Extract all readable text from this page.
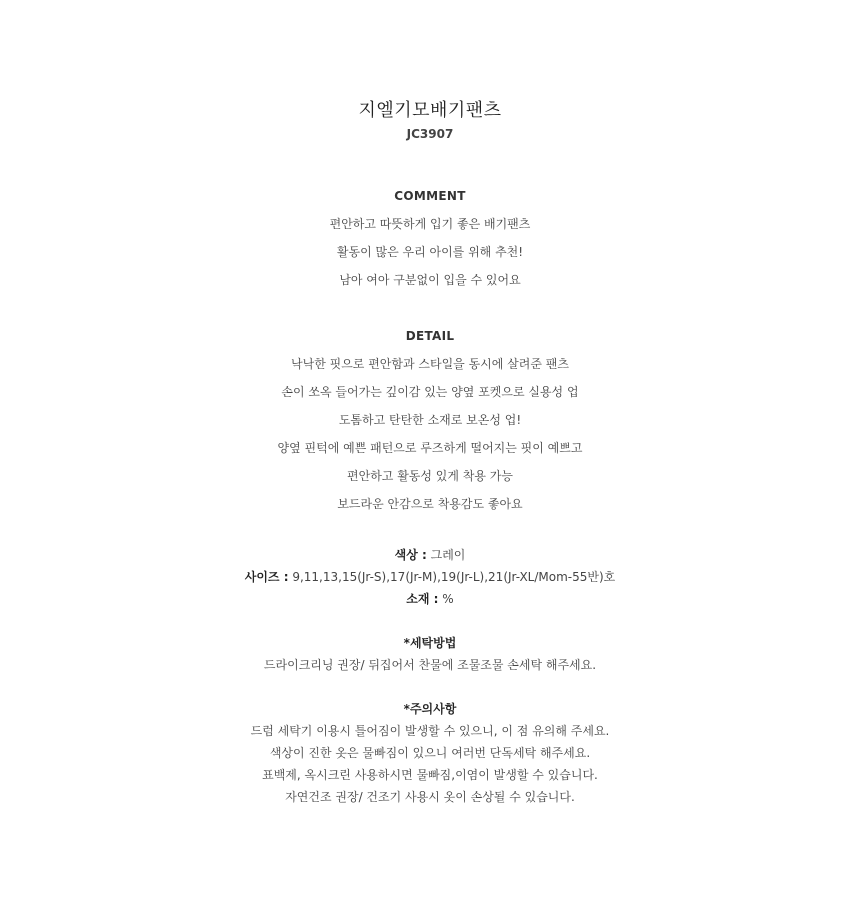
지엘기모배기팬츠
JC3907
COMMENT
편안하고 따뜻하게 입기 좋은 배기팬츠
활동이 많은 우리 아이를 위해 추천!
남아 여아 구분없이 입을 수 있어요
DETAIL
낙낙한 핏으로 편안함과 스타일을 동시에 살려준 팬츠
손이 쏘옥 들어가는 깊이감 있는 양옆 포켓으로 실용성 업
도톰하고 탄탄한 소재로 보온성 업!
양옆 핀턱에 예쁜 패턴으로 루즈하게 떨어지는 핏이 예쁘고
편안하고 활동성 있게 착용 가능
보드라운 안감으로 착용감도 좋아요
색상 : 그레이
사이즈 : 9,11,13,15(Jr-S),17(Jr-M),19(Jr-L),21(Jr-XL/Mom-55반)호
소재 : %
*세탁방법
드라이크리닝 권장/ 뒤집어서 찬물에 조물조물 손세탁 해주세요.
*주의사항
드럼 세탁기 이용시 틀어짐이 발생할 수 있으니, 이 점 유의해 주세요.
색상이 진한 옷은 물빠짐이 있으니 여러번 단독세탁 해주세요.
표백제, 옥시크린 사용하시면 물빠짐,이염이 발생할 수 있습니다.
자연건조 권장/ 건조기 사용시 옷이 손상될 수 있습니다.
